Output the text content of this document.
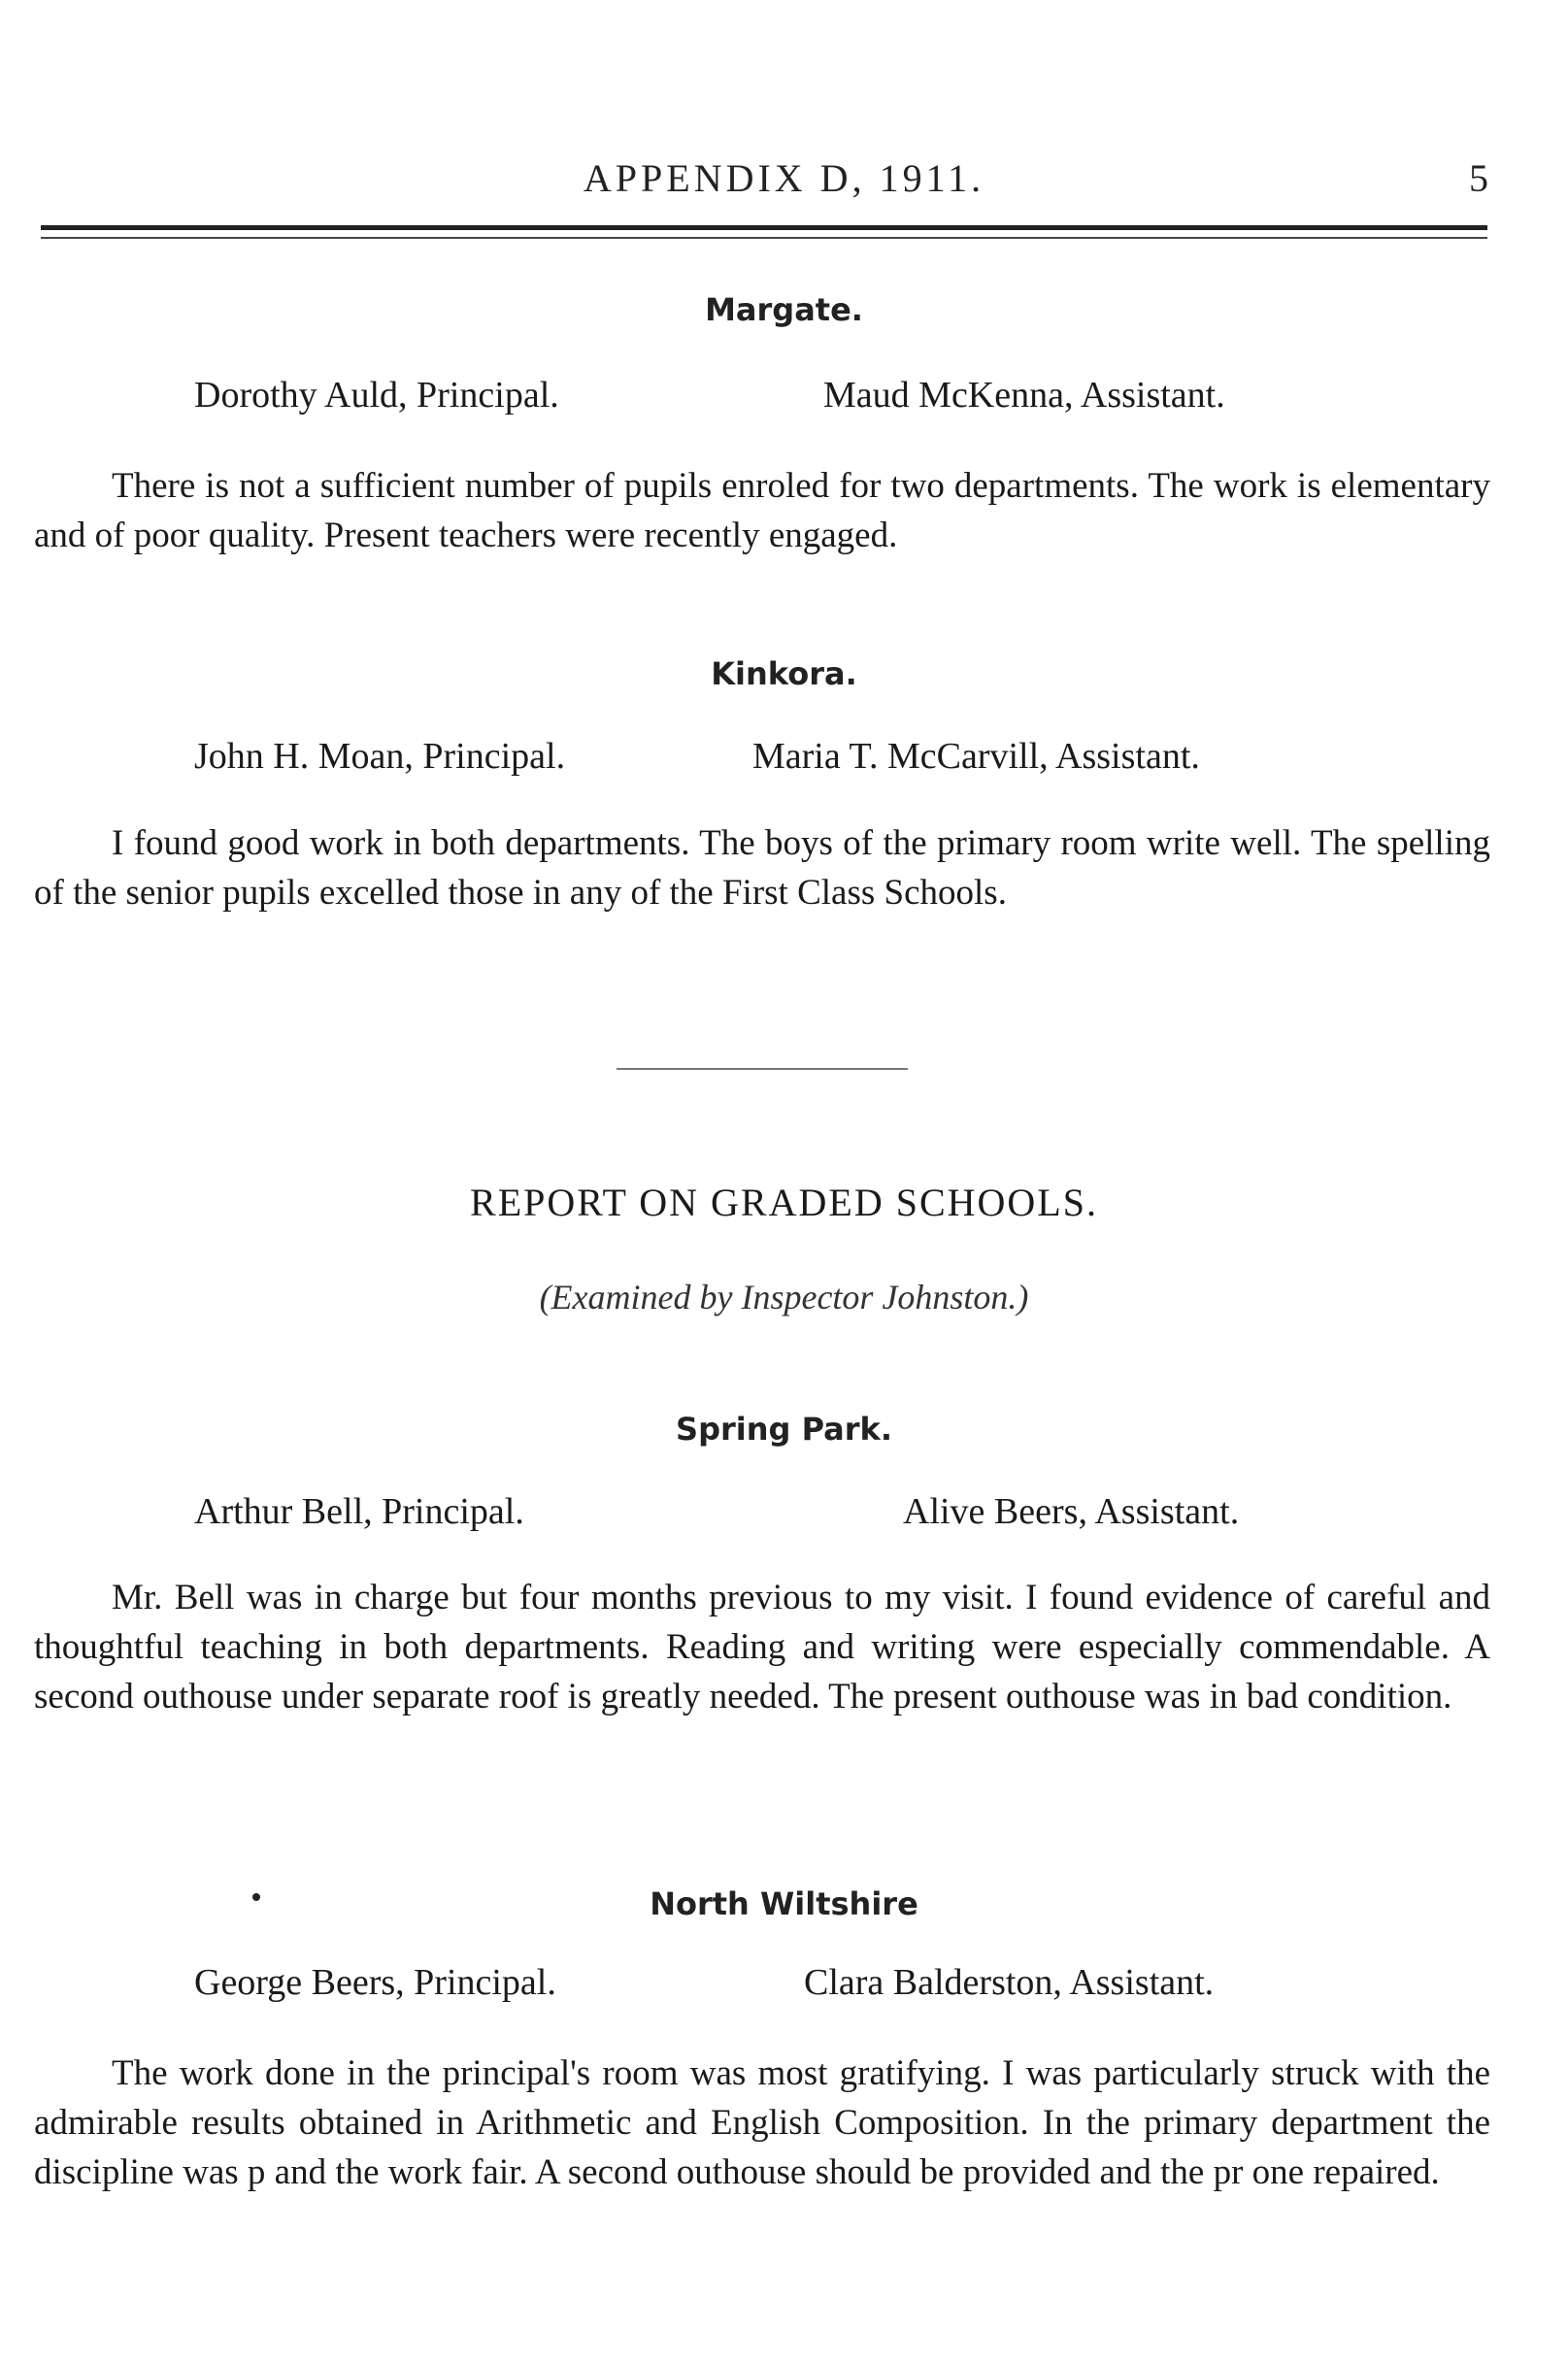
APPENDIX D, 1911.	5
Margate.
Dorothy Auld, Principal.	Maud McKenna, Assistant.
There is not a sufficient number of pupils enroled for two departments. The work is elementary and of poor quality. Present teachers were recently engaged.
Kinkora.
John H. Moan, Principal.	Maria T. McCarvill, Assistant.
I found good work in both departments. The boys of the primary room write well. The spelling of the senior pupils excelled those in any of the First Class Schools.
REPORT ON GRADED SCHOOLS.
(Examined by Inspector Johnston.)
Spring Park.
Arthur Bell, Principal.	Alive Beers, Assistant.
Mr. Bell was in charge but four months previous to my visit. I found evidence of careful and thoughtful teaching in both departments. Reading and writing were especially commendable. A second outhouse under separate roof is greatly needed. The present outhouse was in bad condition.
North Wiltshire
George Beers, Principal.	Clara Balderston, Assistant.
The work done in the principal's room was most gratifying. I was particularly struck with the admirable results obtained in Arithmetic and English Composition. In the primary department the discipline was p and the work fair. A second outhouse should be provided and the pr one repaired.
